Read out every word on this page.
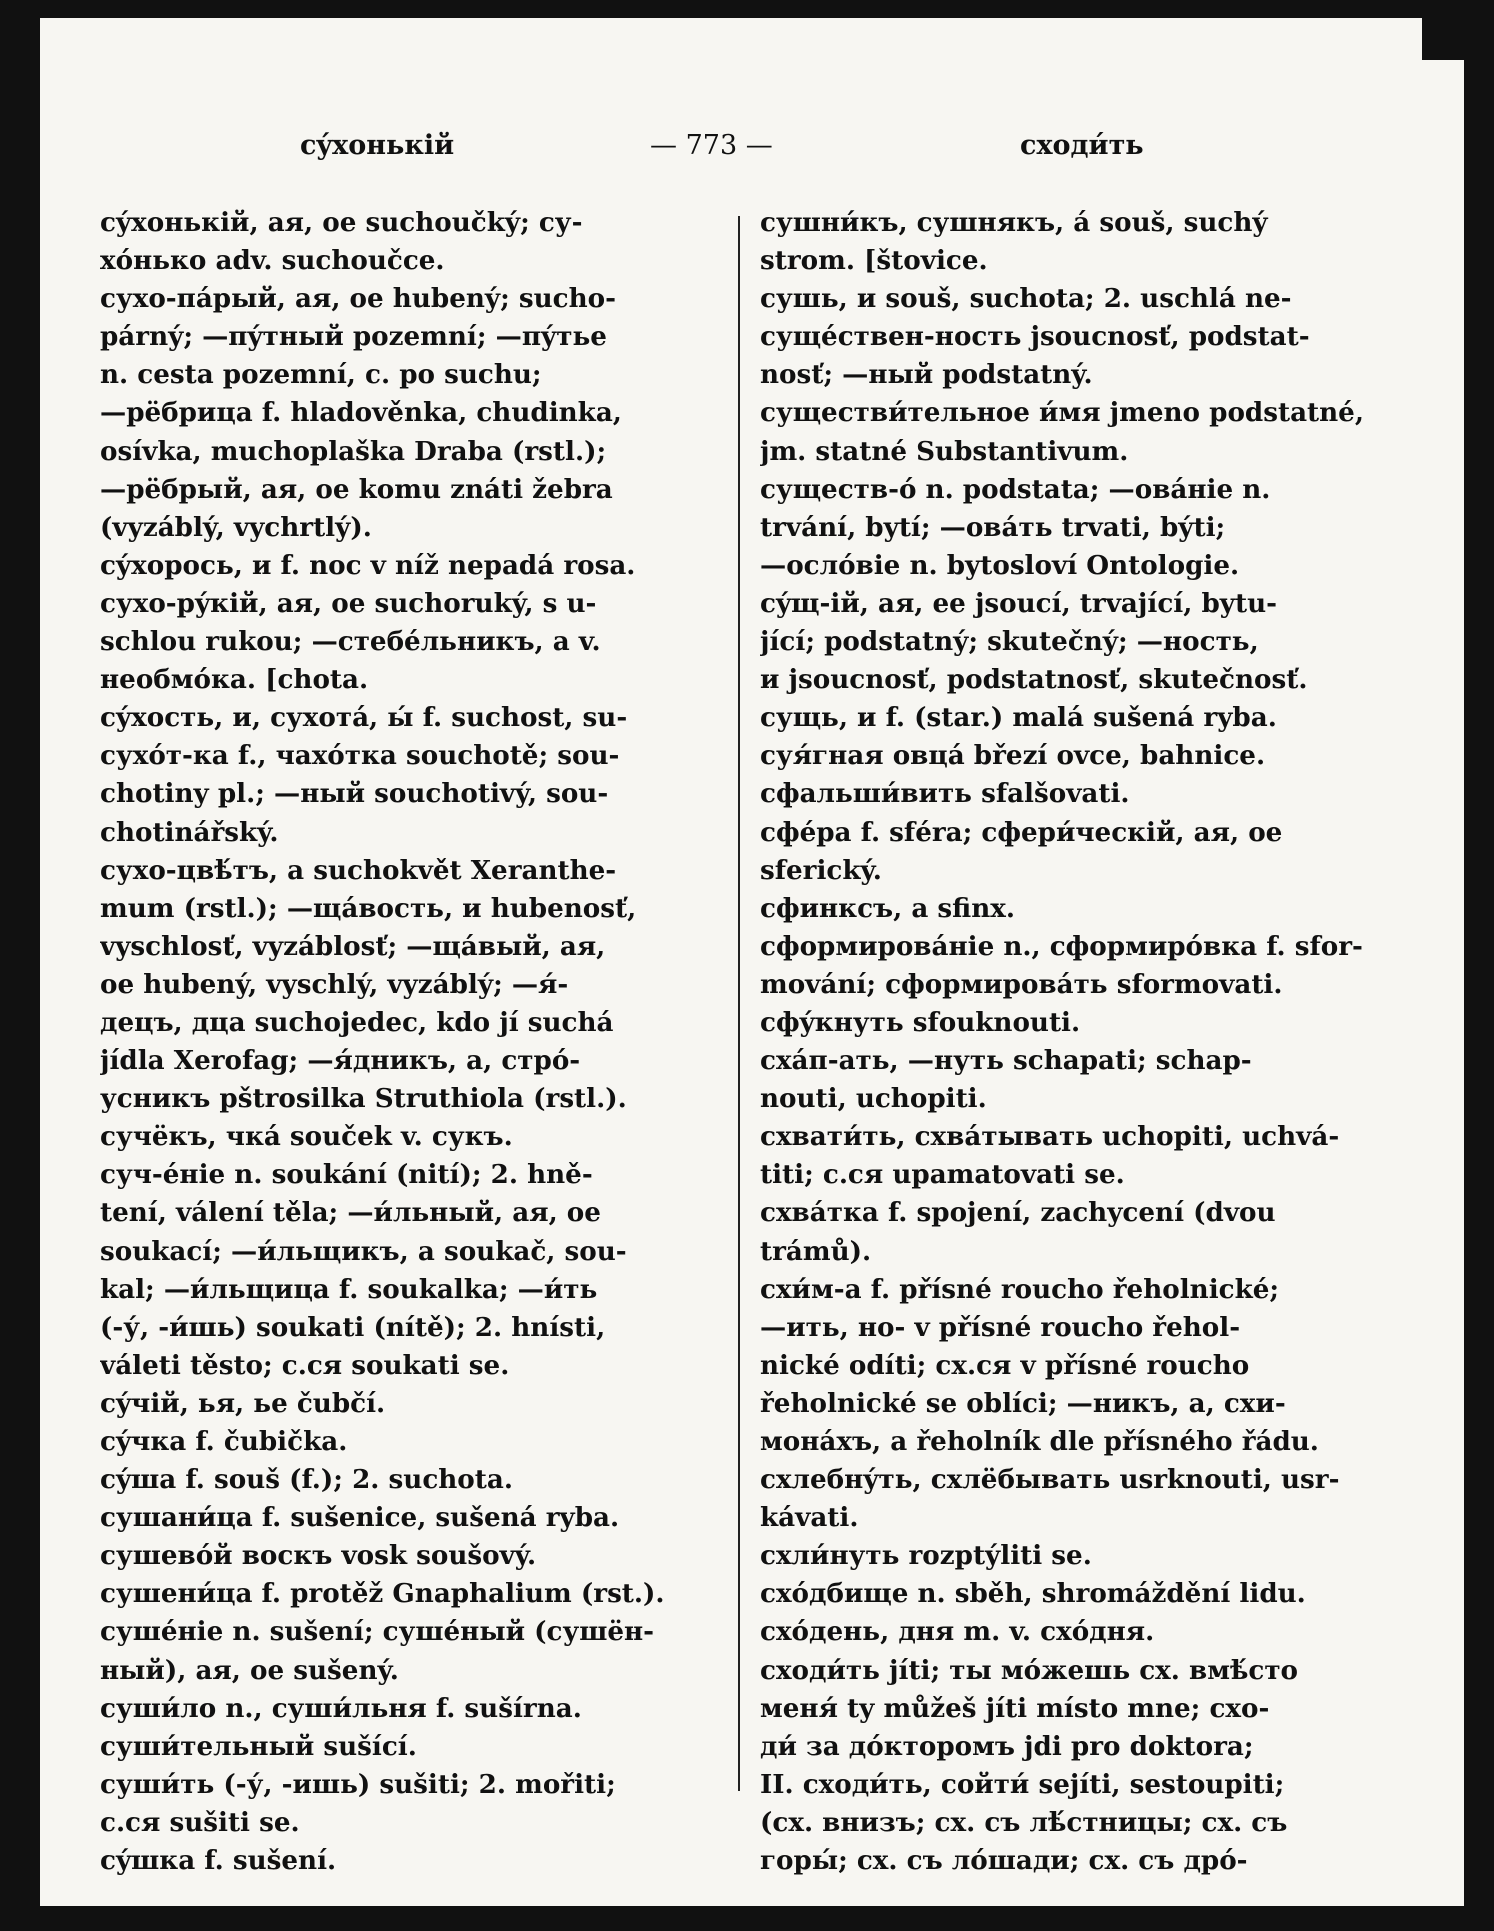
сýхонькій	— 773 —	сходи́ть
сýхонькій, ая, ое suchoučký; су-
хóнько adv. suchoučce.
сухо-пáрый, ая, ое hubený; sucho-
párný; —пýтный pozemní; —пýтье
n. cesta pozemní, c. po suchu;
—рёбрица f. hladověnka, chudinka,
osívka, muchoplaška Draba (rstl.);
—рёбрый, ая, ое komu znáti žebra
(vyzáblý, vychrtlý).
сýхорось, и f. noc v níž nepadá rosa.
сухо-рýкій, ая, ое suchoruký, s u-
schlou rukou; —стебéльникъ, a v.
необмóка. [chota.
сýхость, и, сухотá, ы́ f. suchost, su-
сухóт-ка f., чахóтка souchotě; sou-
chotiny pl.; —ный souchotivý, sou-
chotinářský.
сухо-цвѣ́тъ, a suchokvět Xeranthe-
mum (rstl.); —щáвость, и hubenosť,
vyschlosť, vyzáblosť; —щáвый, ая,
ое hubený, vyschlý, vyzáblý; —я́-
децъ, дца suchojedec, kdo jí suchá
jídla Xerofag; —я́дникъ, a, стрó-
усникъ pštrosilka Struthiola (rstl.).
сучёкъ, чкá souček v. сукъ.
суч-éніе n. soukání (nití); 2. hně-
tení, válení těla; —и́льный, ая, ое
soukací; —и́льщикъ, a soukač, sou-
kal; —и́льщица f. soukalka; —и́ть
(-у́, -и́шь) soukati (nítě); 2. hnísti,
váleti těsto; с.ся soukati se.
сýчій, ья, ье čubčí.
сýчка f. čubička.
сýша f. souš (f.); 2. suchota.
сушани́ца f. sušenice, sušená ryba.
сушевóй воскъ vosk soušový.
сушени́ца f. protěž Gnaphalium (rst.).
сушéніе n. sušení; сушéный (сушён-
ный), ая, ое sušený.
суши́ло n., суши́льня f. sušírna.
суши́тельный sušící.
суши́ть (-у́, -ишь) sušiti; 2. mořiti;
с.ся sušiti se.
сýшка f. sušení.
сушни́къ, сушнякъ, á souš, suchý
strom. [štovice.
сушь, и souš, suchota; 2. uschlá ne-
сущéствен-ность jsoucnosť, podstat-
nosť; —ный podstatný.
существи́тельное и́мя jmeno podstatné,
jm. statné Substantivum.
существ-ó n. podstata; —овáніе n.
trvání, bytí; —овáть trvati, býti;
—ослóвіе n. bytosloví Ontologie.
сýщ-ій, ая, ее jsoucí, trvající, bytu-
jící; podstatný; skutečný; —ность,
и jsoucnosť, podstatnosť, skutečnosť.
сущь, и f. (star.) malá sušená ryba.
суя́гная овцá březí ovce, bahnice.
сфальши́вить sfalšovati.
сфéра f. sféra; сфери́ческій, ая, ое
sferický.
сфинксъ, a sfinx.
сформировáніе n., сформирóвка f. sfor-
mování; сформировáть sformovati.
сфýкнуть sfouknouti.
схáп-ать, —нуть schapati; schap-
nouti, uchopiti.
схвати́ть, схвáтывать uchopiti, uchvá-
titi; с.ся upamatovati se.
схвáтка f. spojení, zachycení (dvou
trámů).
схи́м-а f. přísné roucho řeholnické;
—ить, но- v přísné roucho řehol-
nické odíti; сх.ся v přísné roucho
řeholnické se oblíci; —никъ, a, схи-
монáхъ, a řeholník dle přísného řádu.
схлебнýть, схлёбывать usrknouti, usr-
kávati.
схли́нуть rozptýliti se.
схóдбище n. sběh, shromáždění lidu.
схóдень, дня m. v. схóдня.
сходи́ть jíti; ты мóжешь сх. вмѣ́сто
меня́ ty můžeš jíti místo mne; схо-
ди́ за дóкторомъ jdi pro doktora;
II. сходи́ть, сойти́ sejíti, sestoupiti;
(сх. внизъ; сх. съ лѣ́стницы; сх. съ
горы́; сх. съ лóшади; сх. съ дрó-
